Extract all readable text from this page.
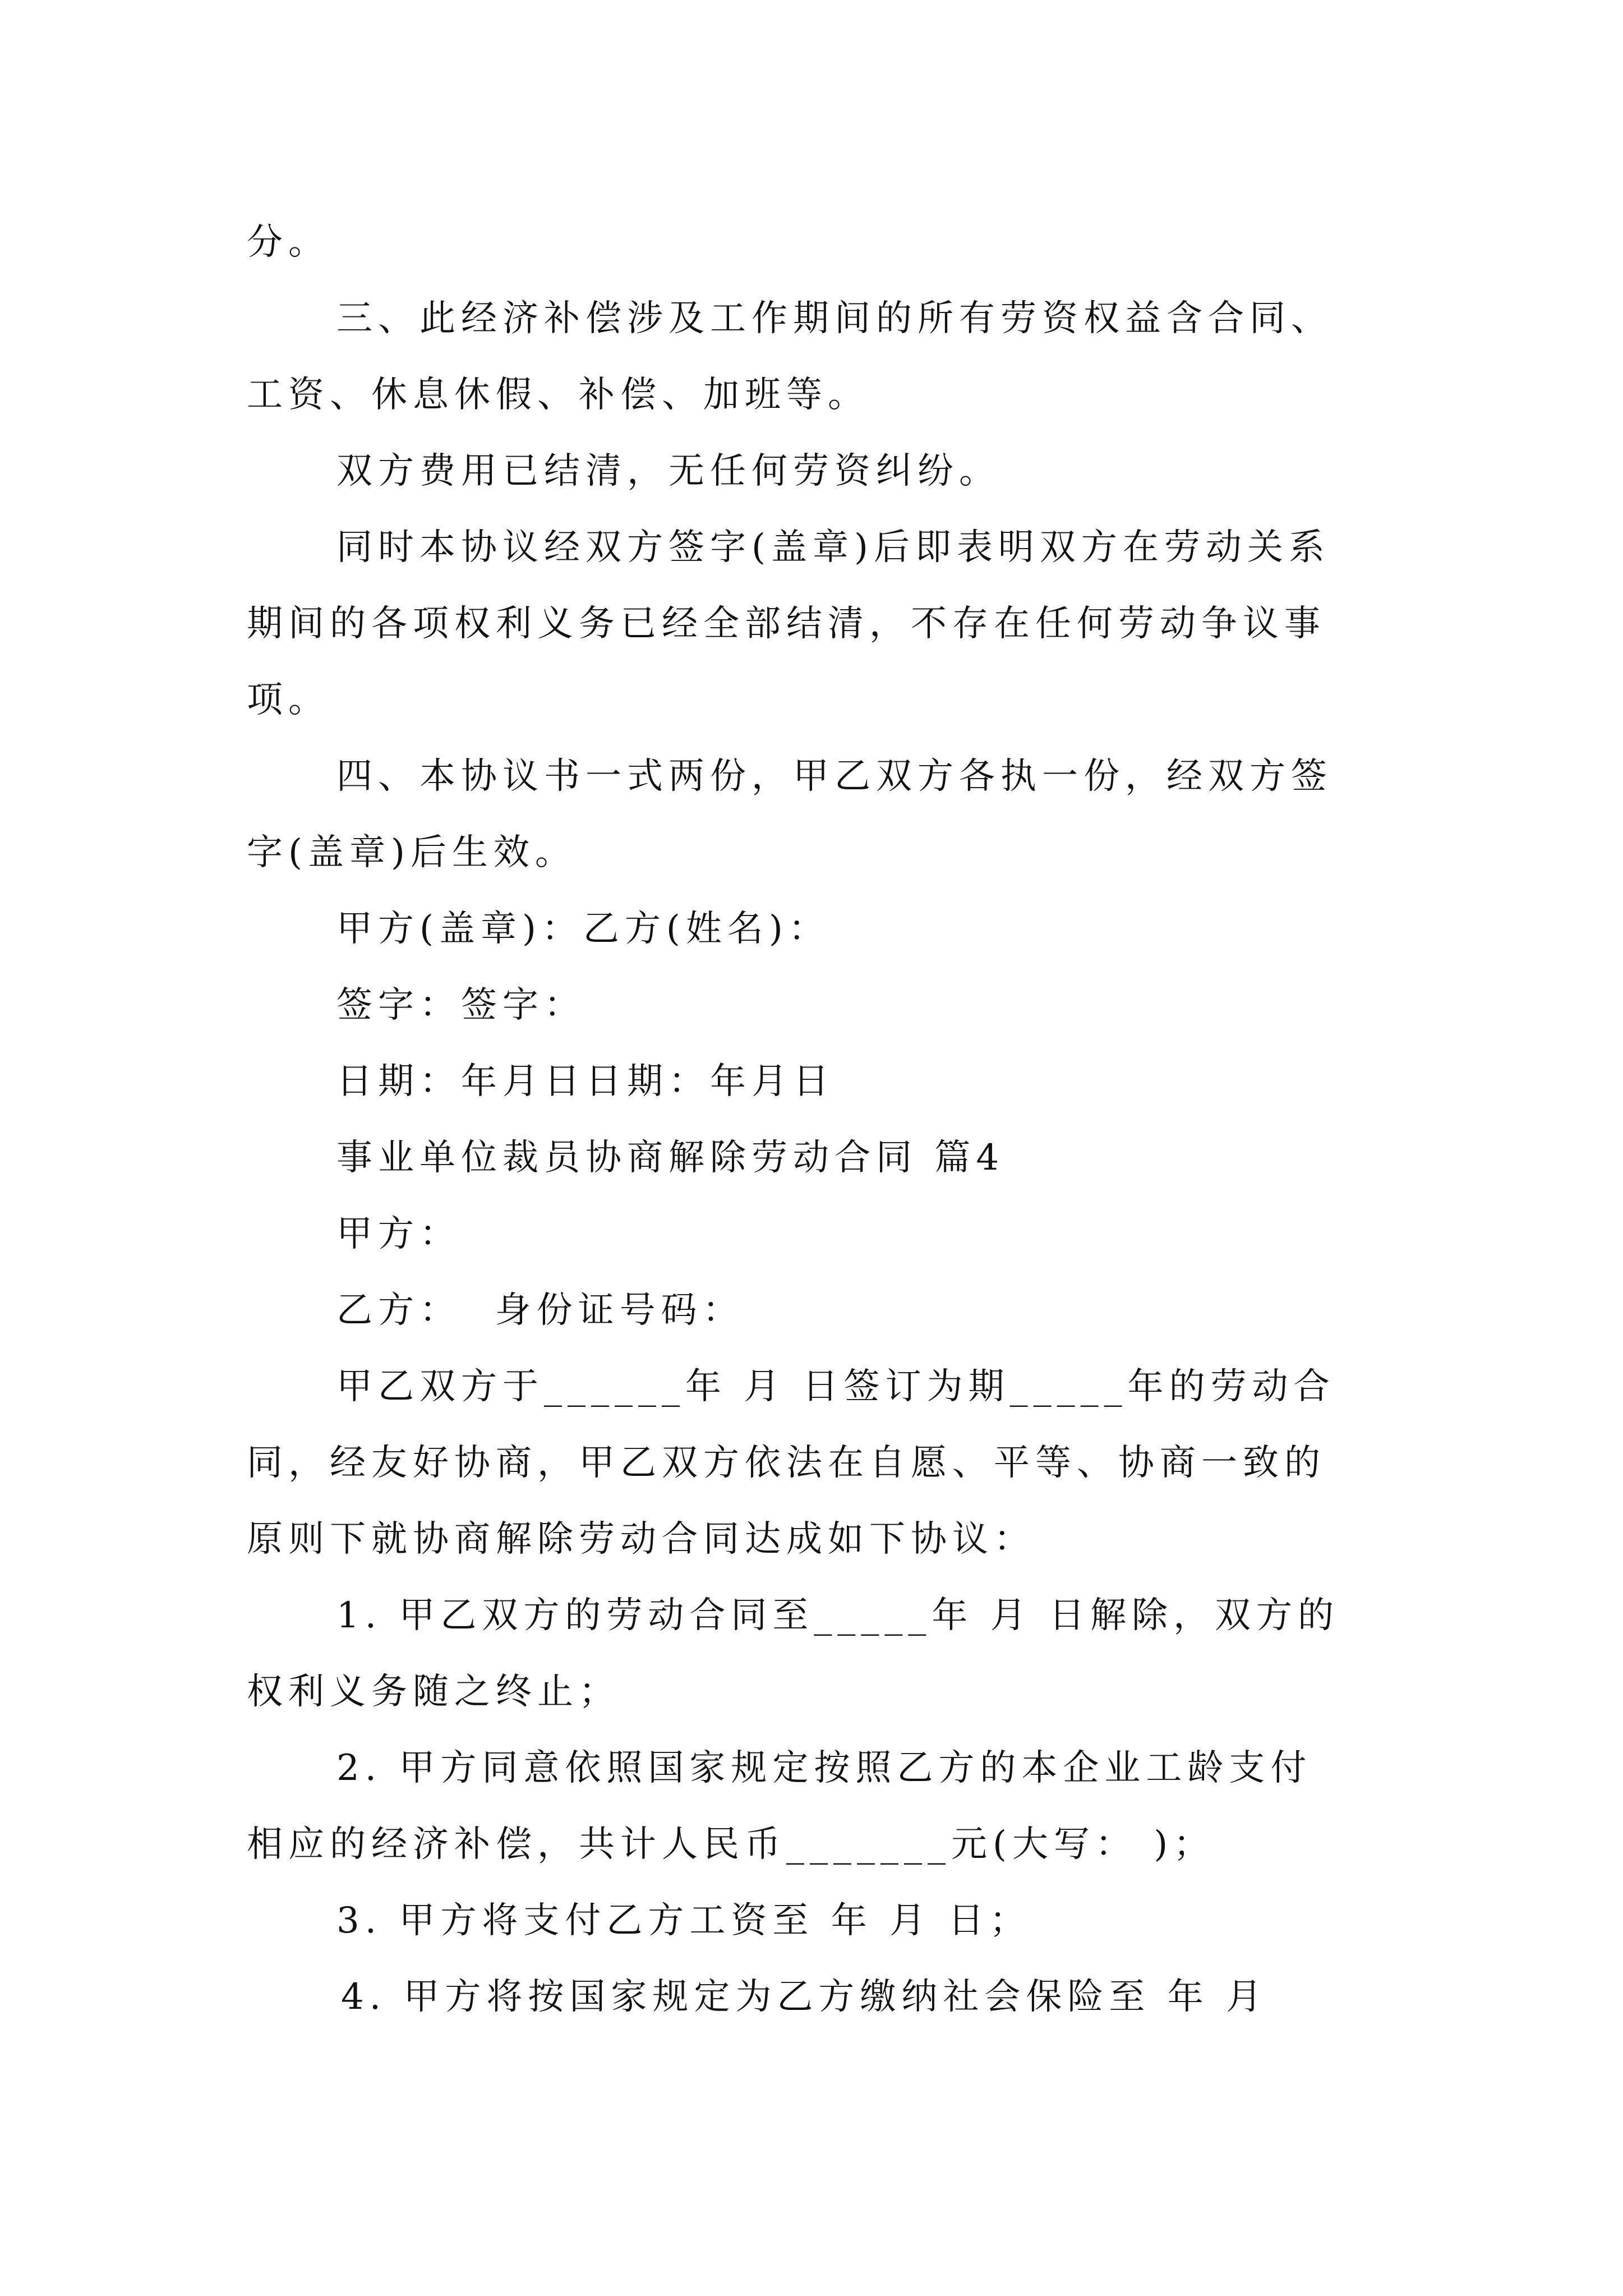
分。
三、此经济补偿涉及工作期间的所有劳资权益含合同、
工资、休息休假、补偿、加班等。
双方费用已结清，无任何劳资纠纷。
同时本协议经双方签字(盖章)后即表明双方在劳动关系
期间的各项权利义务已经全部结清，不存在任何劳动争议事
项。
四、本协议书一式两份，甲乙双方各执一份，经双方签
字(盖章)后生效。
甲方(盖章)：乙方(姓名)：
签字：签字：
日期：年月日日期：年月日
事业单位裁员协商解除劳动合同 篇4
甲方：
乙方：  身份证号码：
甲乙双方于______年 月 日签订为期_____年的劳动合
同，经友好协商，甲乙双方依法在自愿、平等、协商一致的
原则下就协商解除劳动合同达成如下协议：
1. 甲乙双方的劳动合同至_____年 月 日解除，双方的
权利义务随之终止；
2. 甲方同意依照国家规定按照乙方的本企业工龄支付
相应的经济补偿，共计人民币_______元(大写： )；
3. 甲方将支付乙方工资至 年 月 日；
4. 甲方将按国家规定为乙方缴纳社会保险至 年 月
